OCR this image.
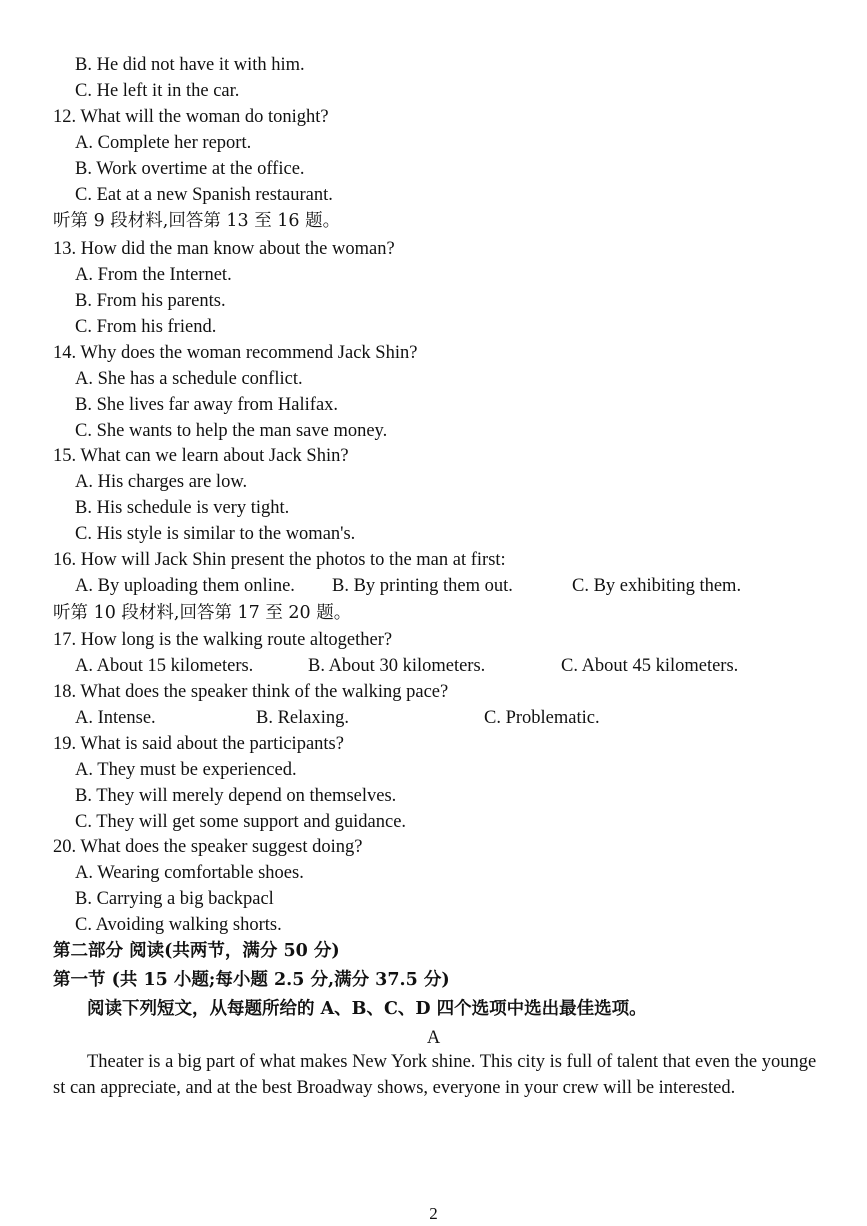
B. He did not have it with him.
C. He left it in the car.
12. What will the woman do tonight?
A. Complete her report.
B. Work overtime at the office.
C. Eat at a new Spanish restaurant.
听第 9 段材料,回答第 13 至 16 题。
13. How did the man know about the woman?
A. From the Internet.
B. From his parents.
C. From his friend.
14. Why does the woman recommend Jack Shin?
A. She has a schedule conflict.
B. She lives far away from Halifax.
C. She wants to help the man save money.
15. What can we learn about Jack Shin?
A. His charges are low.
B. His schedule is very tight.
C. His style is similar to the woman's.
16. How will Jack Shin present the photos to the man at first:
A. By uploading them online. B. By printing them out.	C. By exhibiting them.
听第 10 段材料,回答第 17 至 20 题。
17. How long is the walking route altogether?
A. About 15 kilometers.	B. About 30 kilometers.	C. About 45 kilometers.
18. What does the speaker think of the walking pace?
A. Intense.	B. Relaxing.	C. Problematic.
19. What is said about the participants?
A. They must be experienced.
B. They will merely depend on themselves.
C. They will get some support and guidance.
20. What does the speaker suggest doing?
A. Wearing comfortable shoes.
B. Carrying a big backpacl
C. Avoiding walking shorts.
第二部分 阅读(共两节，满分 50 分)
第一节 (共 15 小题;每小题 2.5 分,满分 37.5 分)
阅读下列短文，从每题所给的 A、B、C、D 四个选项中选出最佳选项。
A
Theater is a big part of what makes New York shine. This city is full of talent that even the youngest can appreciate, and at the best Broadway shows, everyone in your crew will be interested.
2
